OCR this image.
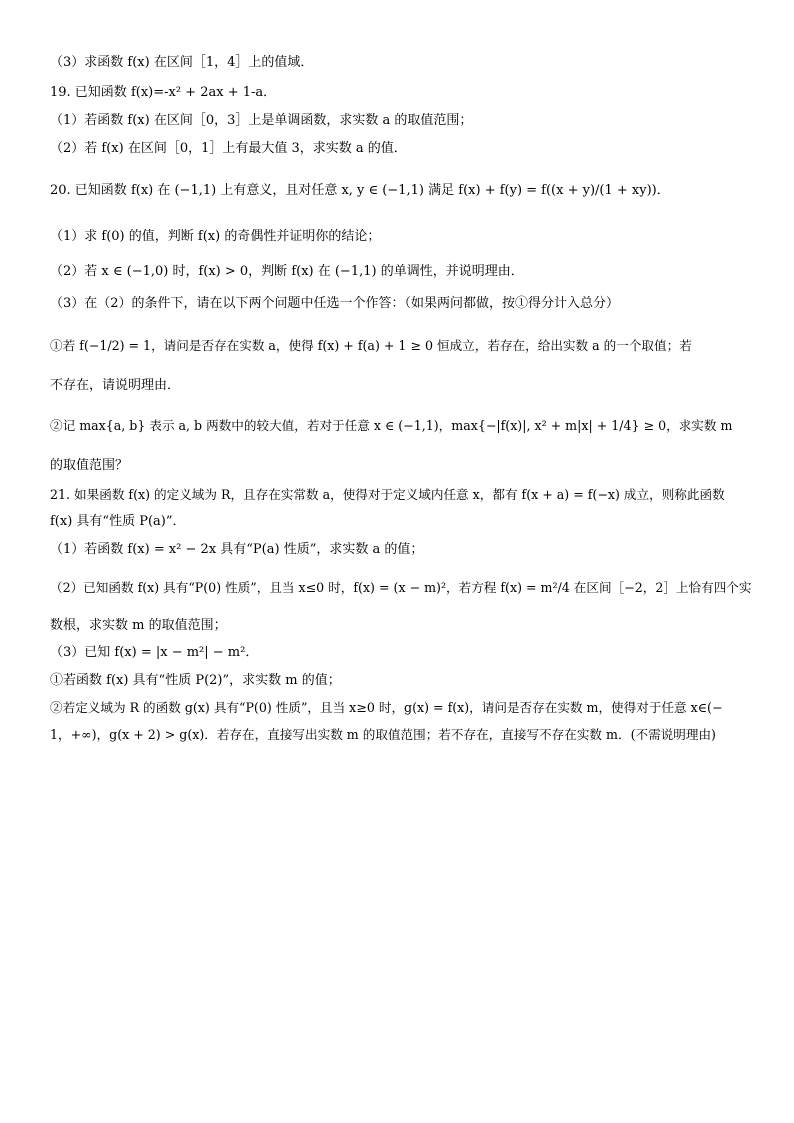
（3）求函数 f(x) 在区间［1，4］上的值域．
19. 已知函数 f(x)=-x² + 2ax + 1-a．
（1）若函数 f(x) 在区间［0，3］上是单调函数，求实数 a 的取值范围；
（2）若 f(x) 在区间［0，1］上有最大值 3，求实数 a 的值．
20. 已知函数 f(x) 在 (−1,1) 上有意义，且对任意 x, y ∈ (−1,1) 满足 f(x) + f(y) = f((x + y)/(1 + xy))．
（1）求 f(0) 的值，判断 f(x) 的奇偶性并证明你的结论；
（2）若 x ∈ (−1,0) 时，f(x) > 0，判断 f(x) 在 (−1,1) 的单调性，并说明理由．
（3）在（2）的条件下，请在以下两个问题中任选一个作答：（如果两问都做，按①得分计入总分）
①若 f(−1/2) = 1，请问是否存在实数 a，使得 f(x) + f(a) + 1 ≥ 0 恒成立，若存在，给出实数 a 的一个取值；若
不存在，请说明理由．
②记 max{a, b} 表示 a, b 两数中的较大值，若对于任意 x ∈ (−1,1)，max{−|f(x)|, x² + m|x| + 1/4} ≥ 0，求实数 m
的取值范围？
21. 如果函数 f(x) 的定义域为 R，且存在实常数 a，使得对于定义域内任意 x，都有 f(x + a) = f(−x) 成立，则称此函数
f(x) 具有“性质 P(a)”．
（1）若函数 f(x) = x² − 2x 具有“P(a) 性质”，求实数 a 的值；
（2）已知函数 f(x) 具有“P(0) 性质”，且当 x≤0 时，f(x) = (x − m)²，若方程 f(x) = m²/4 在区间［−2，2］上恰有四个实
数根，求实数 m 的取值范围；
（3）已知 f(x) = |x − m²| − m²．
①若函数 f(x) 具有“性质 P(2)”，求实数 m 的值；
②若定义域为 R 的函数 g(x) 具有“P(0) 性质”，且当 x≥0 时，g(x) = f(x)，请问是否存在实数 m，使得对于任意 x∈(−
1，+∞)，g(x + 2) > g(x)．若存在，直接写出实数 m 的取值范围；若不存在，直接写不存在实数 m．(不需说明理由)
